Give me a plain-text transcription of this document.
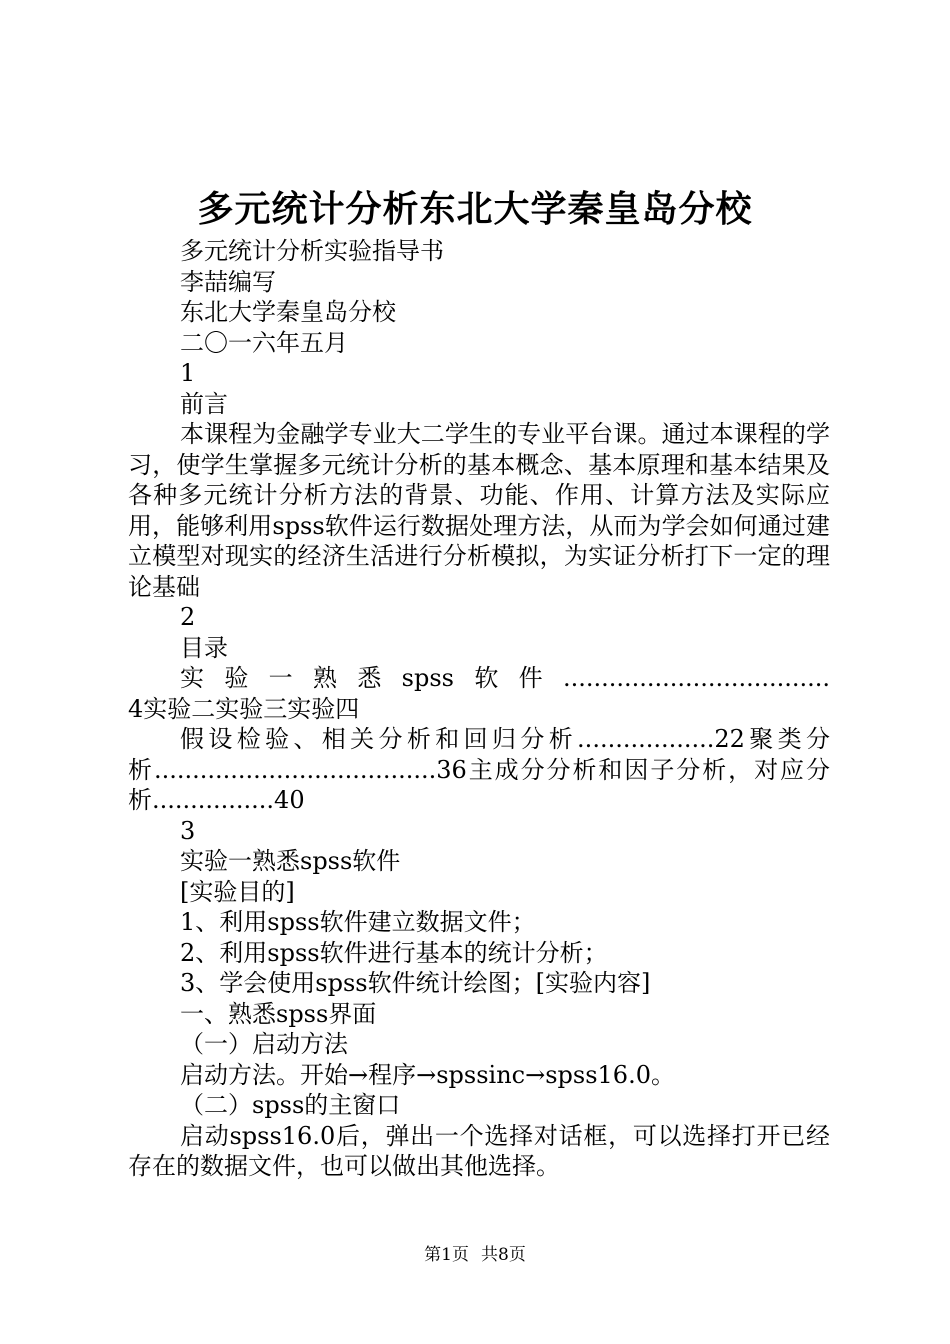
多元统计分析东北大学秦皇岛分校

多元统计分析实验指导书

李喆编写

东北大学秦皇岛分校

二〇一六年五月

1

前言

本课程为金融学专业大二学生的专业平台课。通过本课程的学习，使学生掌握多元统计分析的基本概念、基本原理和基本结果及各种多元统计分析方法的背景、功能、作用、计算方法及实际应用，能够利用spss软件运行数据处理方法，从而为学会如何通过建立模型对现实的经济生活进行分析模拟，为实证分析打下一定的理论基础

2

目录

实验一熟悉spss软件...................................

4实验二实验三实验四

假设检验、相关分析和回归分析..................22聚类分析.....................................36主成分分析和因子分析，对应分析................40

3

实验一熟悉spss软件

[实验目的]

1、利用spss软件建立数据文件；

2、利用spss软件进行基本的统计分析；

3、学会使用spss软件统计绘图；[实验内容]

一、熟悉spss界面

（一）启动方法

启动方法。开始→程序→spssinc→spss16.0。

（二）spss的主窗口

启动spss16.0后，弹出一个选择对话框，可以选择打开已经存在的数据文件，也可以做出其他选择。

第1页 共8页
